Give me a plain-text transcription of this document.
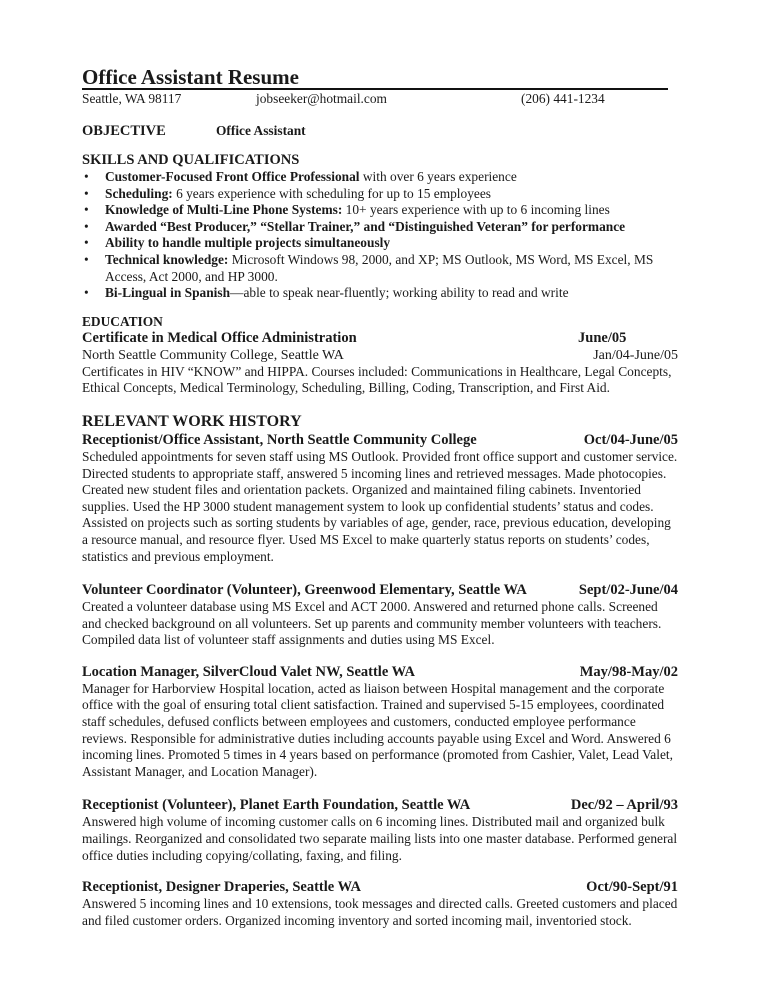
Office Assistant Resume
Seattle, WA 98117	jobseeker@hotmail.com	(206) 441-1234
OBJECTIVE	Office Assistant
SKILLS AND QUALIFICATIONS
• Customer-Focused Front Office Professional with over 6 years experience
• Scheduling: 6 years experience with scheduling for up to 15 employees
• Knowledge of Multi-Line Phone Systems: 10+ years experience with up to 6 incoming lines
• Awarded “Best Producer,” “Stellar Trainer,” and “Distinguished Veteran” for performance
• Ability to handle multiple projects simultaneously
• Technical knowledge: Microsoft Windows 98, 2000, and XP; MS Outlook, MS Word, MS Excel, MS Access, Act 2000, and HP 3000.
• Bi-Lingual in Spanish—able to speak near-fluently; working ability to read and write
EDUCATION
Certificate in Medical Office Administration	June/05
North Seattle Community College, Seattle WA	Jan/04-June/05
Certificates in HIV “KNOW” and HIPPA. Courses included: Communications in Healthcare, Legal Concepts, Ethical Concepts, Medical Terminology, Scheduling, Billing, Coding, Transcription, and First Aid.
RELEVANT WORK HISTORY
Receptionist/Office Assistant, North Seattle Community College	Oct/04-June/05
Scheduled appointments for seven staff using MS Outlook. Provided front office support and customer service. Directed students to appropriate staff, answered 5 incoming lines and retrieved messages. Made photocopies. Created new student files and orientation packets. Organized and maintained filing cabinets. Inventoried supplies. Used the HP 3000 student management system to look up confidential students’ status and codes. Assisted on projects such as sorting students by variables of age, gender, race, previous education, developing a resource manual, and resource flyer. Used MS Excel to make quarterly status reports on students’ codes, statistics and previous employment.
Volunteer Coordinator (Volunteer), Greenwood Elementary, Seattle WA	Sept/02-June/04
Created a volunteer database using MS Excel and ACT 2000. Answered and returned phone calls. Screened and checked background on all volunteers. Set up parents and community member volunteers with teachers. Compiled data list of volunteer staff assignments and duties using MS Excel.
Location Manager, SilverCloud Valet NW, Seattle WA	May/98-May/02
Manager for Harborview Hospital location, acted as liaison between Hospital management and the corporate office with the goal of ensuring total client satisfaction. Trained and supervised 5-15 employees, coordinated staff schedules, defused conflicts between employees and customers, conducted employee performance reviews. Responsible for administrative duties including accounts payable using Excel and Word. Answered 6 incoming lines. Promoted 5 times in 4 years based on performance (promoted from Cashier, Valet, Lead Valet, Assistant Manager, and Location Manager).
Receptionist (Volunteer), Planet Earth Foundation, Seattle WA	Dec/92 – April/93
Answered high volume of incoming customer calls on 6 incoming lines. Distributed mail and organized bulk mailings. Reorganized and consolidated two separate mailing lists into one master database. Performed general office duties including copying/collating, faxing, and filing.
Receptionist, Designer Draperies, Seattle WA	Oct/90-Sept/91
Answered 5 incoming lines and 10 extensions, took messages and directed calls. Greeted customers and placed and filed customer orders. Organized incoming inventory and sorted incoming mail, inventoried stock.
